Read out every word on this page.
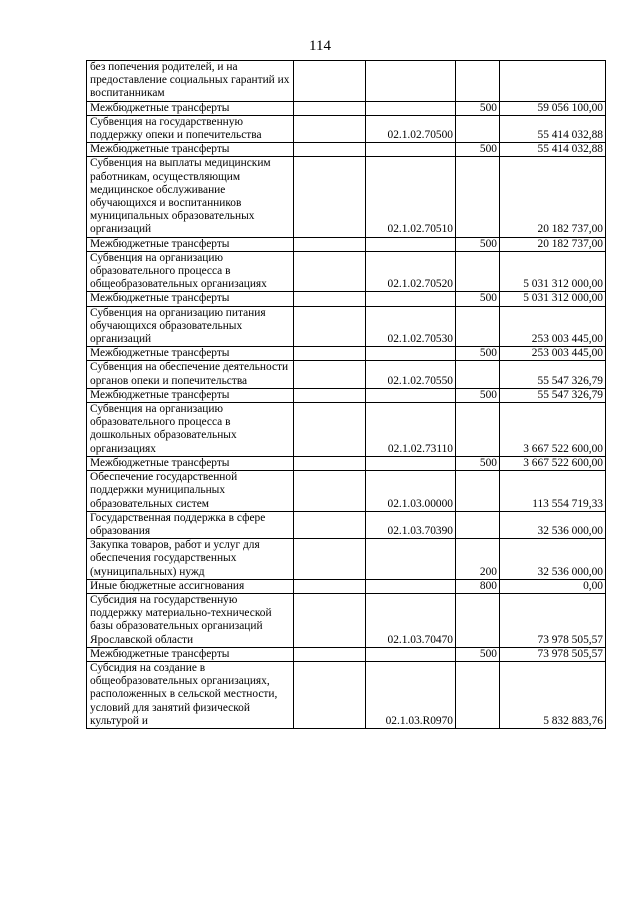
114
без попечения родителей, и на предоставление социальных гарантий их воспитанникам				
Межбюджетные трансферты			500	59 056 100,00
Субвенция на государственную поддержку опеки и попечительства		02.1.02.70500		55 414 032,88
Межбюджетные трансферты			500	55 414 032,88
Субвенция на выплаты медицинским работникам, осуществляющим медицинское обслуживание обучающихся и воспитанников муниципальных образовательных организаций		02.1.02.70510		20 182 737,00
Межбюджетные трансферты			500	20 182 737,00
Субвенция на организацию образовательного процесса в общеобразовательных организациях		02.1.02.70520		5 031 312 000,00
Межбюджетные трансферты			500	5 031 312 000,00
Субвенция на организацию питания обучающихся образовательных организаций		02.1.02.70530		253 003 445,00
Межбюджетные трансферты			500	253 003 445,00
Субвенция на обеспечение деятельности органов опеки и попечительства		02.1.02.70550		55 547 326,79
Межбюджетные трансферты			500	55 547 326,79
Субвенция на организацию образовательного процесса в дошкольных образовательных организациях		02.1.02.73110		3 667 522 600,00
Межбюджетные трансферты			500	3 667 522 600,00
Обеспечение государственной поддержки муниципальных образовательных систем		02.1.03.00000		113 554 719,33
Государственная поддержка в сфере образования		02.1.03.70390		32 536 000,00
Закупка товаров, работ и услуг для обеспечения государственных (муниципальных) нужд			200	32 536 000,00
Иные бюджетные ассигнования			800	0,00
Субсидия на государственную поддержку материально-технической базы образовательных организаций Ярославской области		02.1.03.70470		73 978 505,57
Межбюджетные трансферты			500	73 978 505,57
Субсидия на создание в общеобразовательных организациях, расположенных в сельской местности, условий для занятий физической культурой и		02.1.03.R0970		5 832 883,76
